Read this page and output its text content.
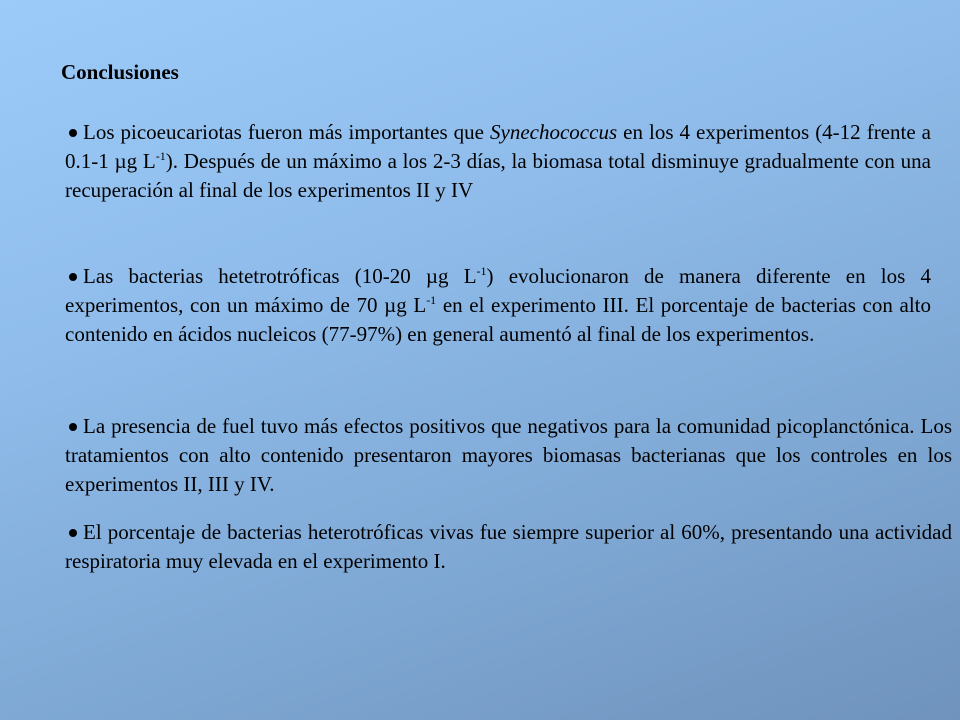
Conclusiones
Los picoeucariotas fueron más importantes que Synechococcus en los 4 experimentos (4-12 frente a 0.1-1 µg $L^{-1}$). Después de un máximo a los 2-3 días, la biomasa total disminuye gradualmente con una recuperación al final de los experimentos II y IV
Las bacterias hetetrotróficas (10-20 µg $L^{-1}$) evolucionaron de manera diferente en los 4 experimentos, con un máximo de 70 µg $L^{-1}$ en el experimento III. El porcentaje de bacterias con alto contenido en ácidos nucleicos (77-97%) en general aumentó al final de los experimentos.
La presencia de fuel tuvo más efectos positivos que negativos para la comunidad picoplanctónica. Los tratamientos con alto contenido presentaron mayores biomasas bacterianas que los controles en los experimentos II, III y IV.
El porcentaje de bacterias heterotróficas vivas fue siempre superior al 60%, presentando una actividad respiratoria muy elevada en el experimento I.
